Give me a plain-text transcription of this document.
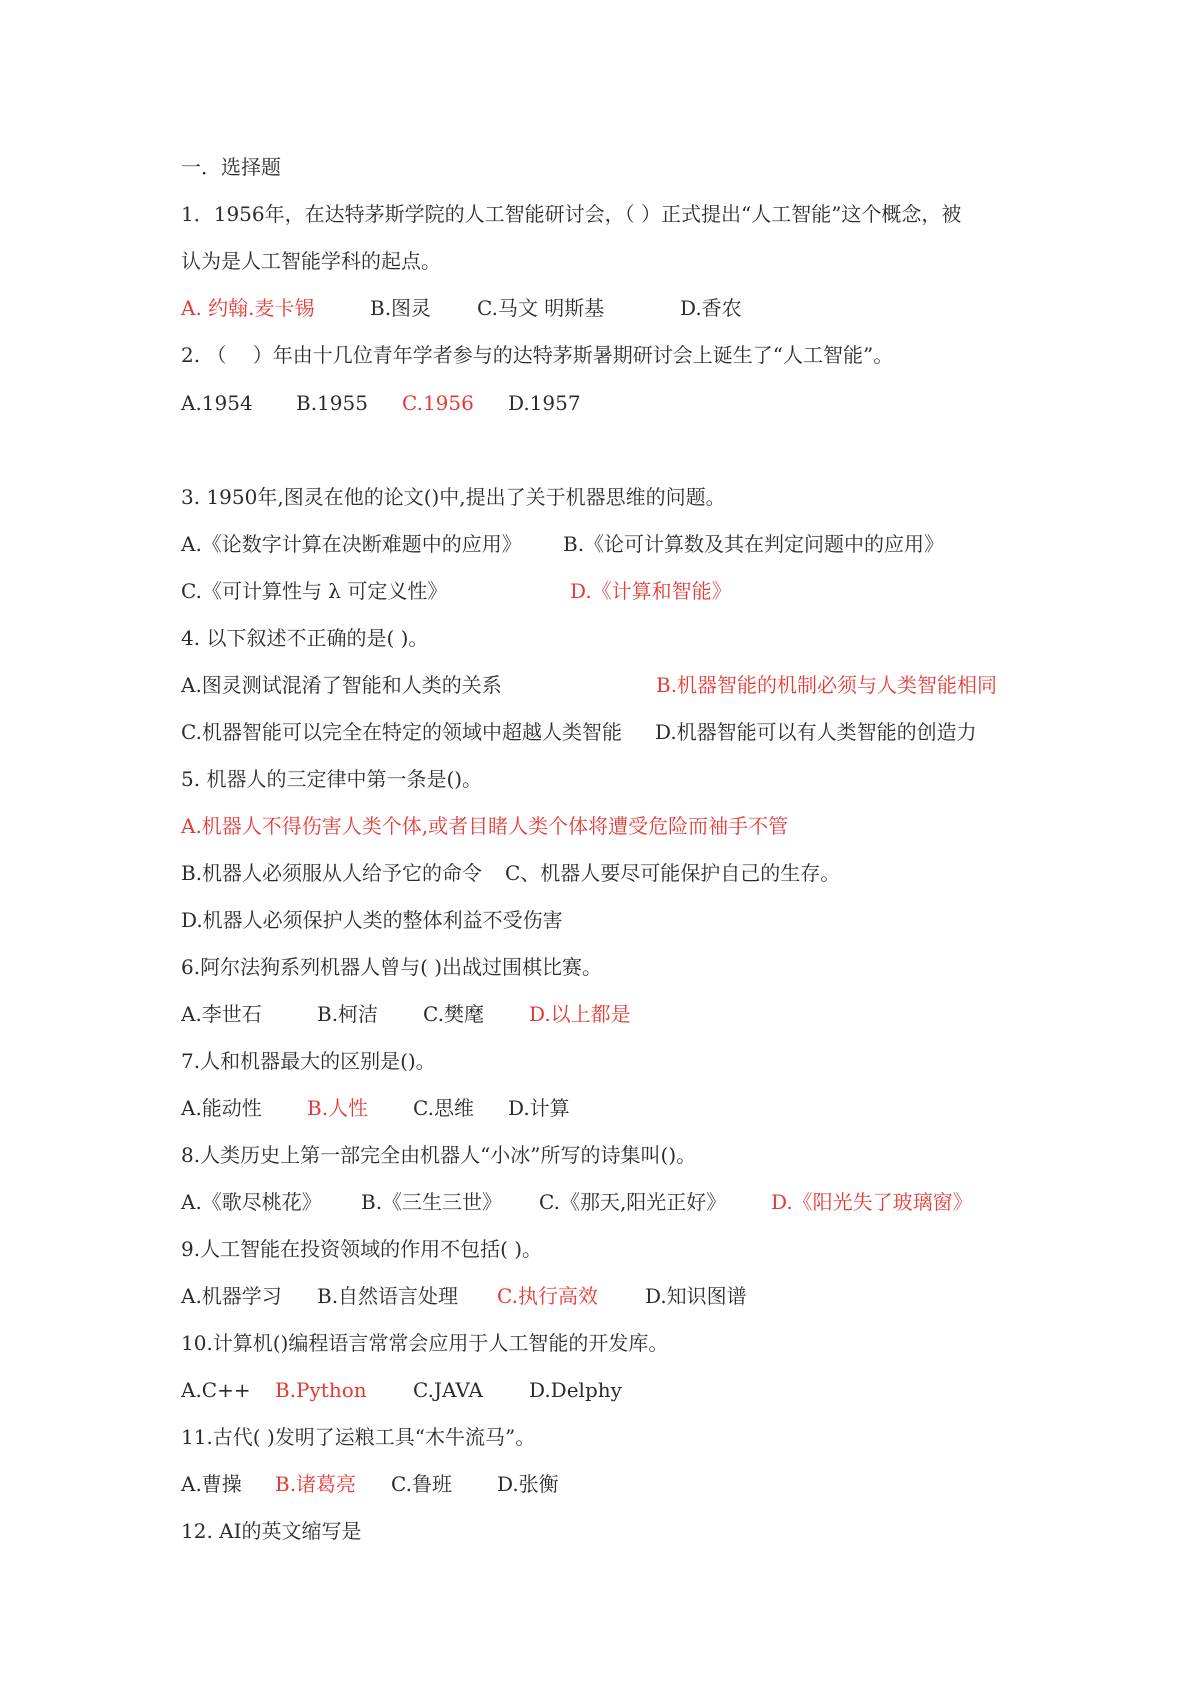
一．选择题
1．1956年，在达特茅斯学院的人工智能研讨会，（ ）正式提出“人工智能”这个概念，被
认为是人工智能学科的起点。
A. 约翰.麦卡锡	B.图灵 C.马文 明斯基	D.香农
2. （　 ）年由十几位青年学者参与的达特茅斯暑期研讨会上诞生了“人工智能”。
A.1954 B.1955 C.1956 D.1957
3. 1950年,图灵在他的论文()中,提出了关于机器思维的问题。
A.《论数字计算在决断难题中的应用》 B.《论可计算数及其在判定问题中的应用》
C.《可计算性与 λ 可定义性》	D.《计算和智能》
4. 以下叙述不正确的是( )。
A.图灵测试混淆了智能和人类的关系	B.机器智能的机制必须与人类智能相同
C.机器智能可以完全在特定的领域中超越人类智能 D.机器智能可以有人类智能的创造力
5. 机器人的三定律中第一条是()。
A.机器人不得伤害人类个体,或者目睹人类个体将遭受危险而袖手不管
B.机器人必须服从人给予它的命令 C、机器人要尽可能保护自己的生存。
D.机器人必须保护人类的整体利益不受伤害
6.阿尔法狗系列机器人曾与( )出战过围棋比赛。
A.李世石	B.柯洁 C.樊麾 D.以上都是
7.人和机器最大的区别是()。
A.能动性 B.人性 C.思维 D.计算
8.人类历史上第一部完全由机器人“小冰”所写的诗集叫()。
A.《歌尽桃花》 B.《三生三世》 C.《那天,阳光正好》 D.《阳光失了玻璃窗》
9.人工智能在投资领域的作用不包括( )。
A.机器学习 B.自然语言处理 C.执行高效 D.知识图谱
10.计算机()编程语言常常会应用于人工智能的开发库。
A.C++ B.Python C.JAVA D.Delphy
11.古代( )发明了运粮工具“木牛流马”。
A.曹操 B.诸葛亮 C.鲁班 D.张衡
12. AI的英文缩写是
